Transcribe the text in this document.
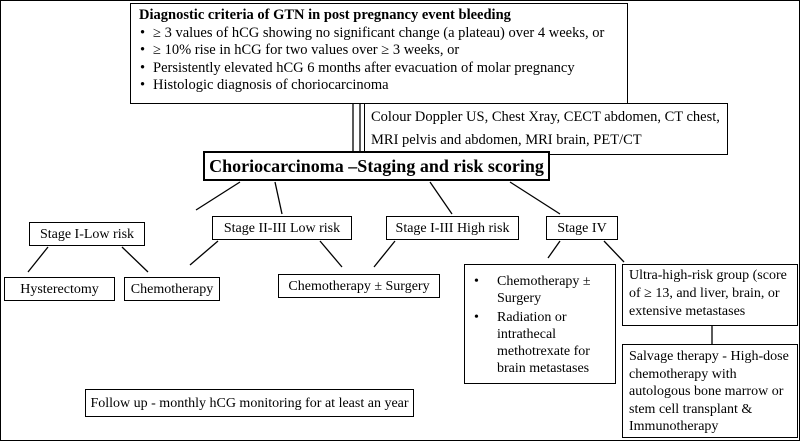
Diagnostic criteria of GTN in post pregnancy event bleeding
• ≥ 3 values of hCG showing no significant change (a plateau) over 4 weeks, or
• ≥ 10% rise in hCG for two values over ≥ 3 weeks, or
• Persistently elevated hCG 6 months after evacuation of molar pregnancy
• Histologic diagnosis of choriocarcinoma
Colour Doppler US, Chest Xray, CECT abdomen, CT chest, MRI pelvis and abdomen, MRI brain, PET/CT
Choriocarcinoma –Staging and risk scoring
Stage I-Low risk	Stage II-III Low risk	Stage I-III High risk	Stage IV
Hysterectomy Chemotherapy	Chemotherapy ± Surgery
•	Chemotherapy ± Surgery
• Radiation or intrathecal methotrexate for brain metastases
Ultra-high-risk group (score of ≥ 13, and liver, brain, or extensive metastases
Salvage therapy - High-dose chemotherapy with autologous bone marrow or stem cell transplant & Immunotherapy
Follow up - monthly hCG monitoring for at least an year
